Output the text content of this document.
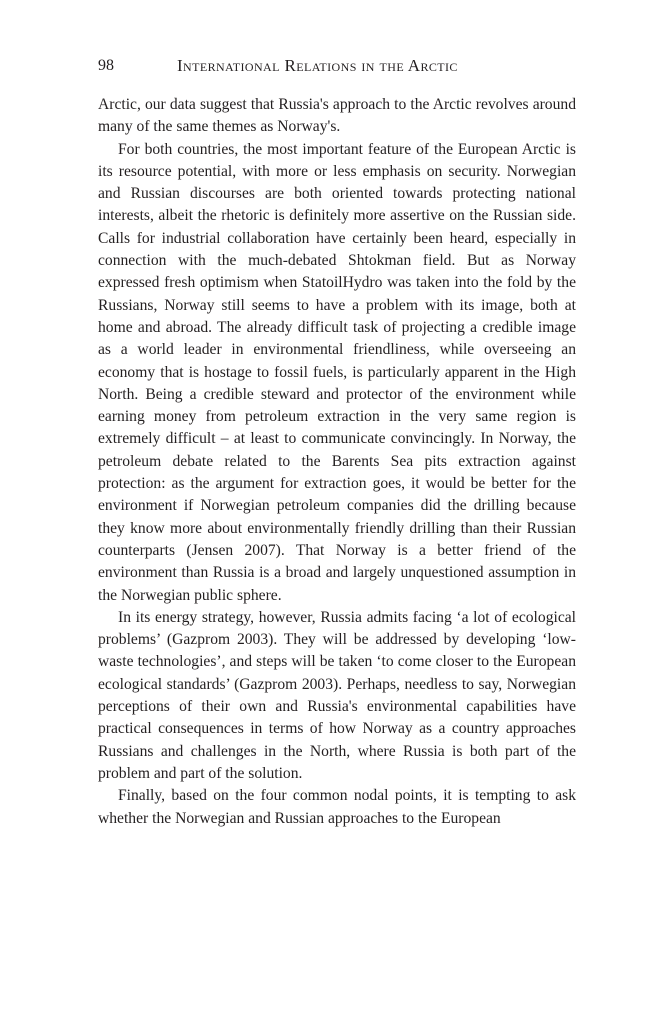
98	International Relations in the Arctic

Arctic, our data suggest that Russia's approach to the Arctic revolves around many of the same themes as Norway's.

For both countries, the most important feature of the European Arctic is its resource potential, with more or less emphasis on security. Norwegian and Russian discourses are both oriented towards protecting national interests, albeit the rhetoric is definitely more assertive on the Russian side. Calls for industrial collaboration have certainly been heard, especially in connection with the much-debated Shtokman field. But as Norway expressed fresh optimism when StatoilHydro was taken into the fold by the Russians, Norway still seems to have a problem with its image, both at home and abroad. The already difficult task of projecting a credible image as a world leader in environmental friendliness, while overseeing an economy that is hostage to fossil fuels, is particularly apparent in the High North. Being a credible steward and protector of the environment while earning money from petroleum extraction in the very same region is extremely difficult – at least to communicate convincingly. In Norway, the petroleum debate related to the Barents Sea pits extraction against protection: as the argument for extraction goes, it would be better for the environment if Norwegian petroleum companies did the drilling because they know more about environmentally friendly drilling than their Russian counterparts (Jensen 2007). That Norway is a better friend of the environment than Russia is a broad and largely unquestioned assumption in the Norwegian public sphere.

In its energy strategy, however, Russia admits facing ‘a lot of ecological problems’ (Gazprom 2003). They will be addressed by developing ‘low-waste technologies’, and steps will be taken ‘to come closer to the European ecological standards’ (Gazprom 2003). Perhaps, needless to say, Norwegian perceptions of their own and Russia's environmental capabilities have practical consequences in terms of how Norway as a country approaches Russians and challenges in the North, where Russia is both part of the problem and part of the solution.

Finally, based on the four common nodal points, it is tempting to ask whether the Norwegian and Russian approaches to the European
